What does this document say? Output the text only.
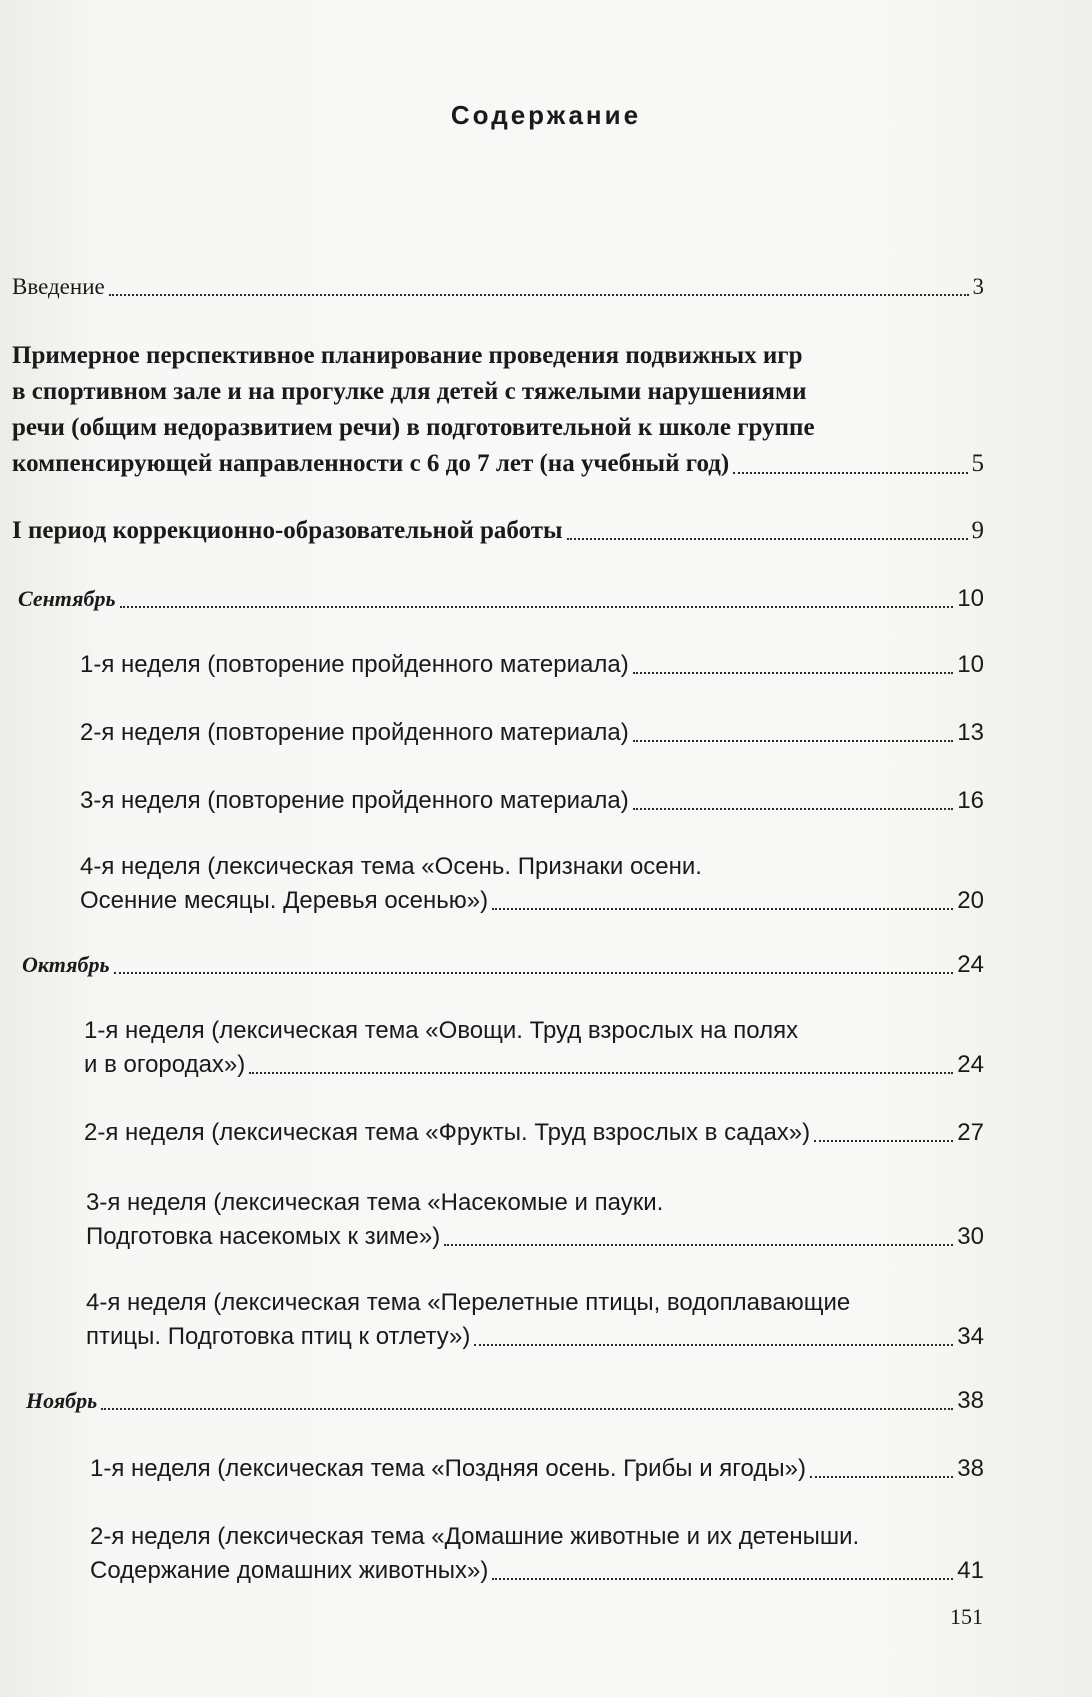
Содержание
Введение	3
Примерное перспективное планирование проведения подвижных игр
в спортивном зале и на прогулке для детей с тяжелыми нарушениями
речи (общим недоразвитием речи) в подготовительной к школе группе
компенсирующей направленности с 6 до 7 лет (на учебный год)	5
I период коррекционно-образовательной работы	9
Сентябрь	10
1-я неделя (повторение пройденного материала)	10
2-я неделя (повторение пройденного материала)	13
3-я неделя (повторение пройденного материала)	16
4-я неделя (лексическая тема «Осень. Признаки осени.
Осенние месяцы. Деревья осенью»)	20
Октябрь	24
1-я неделя (лексическая тема «Овощи. Труд взрослых на полях
и в огородах»)	24
2-я неделя (лексическая тема «Фрукты. Труд взрослых в садах»)	27
3-я неделя (лексическая тема «Насекомые и пауки.
Подготовка насекомых к зиме»)	30
4-я неделя (лексическая тема «Перелетные птицы, водоплавающие
птицы. Подготовка птиц к отлету»)	34
Ноябрь	38
1-я неделя (лексическая тема «Поздняя осень. Грибы и ягоды»)	38
2-я неделя (лексическая тема «Домашние животные и их детеныши.
Содержание домашних животных»)	41
151
